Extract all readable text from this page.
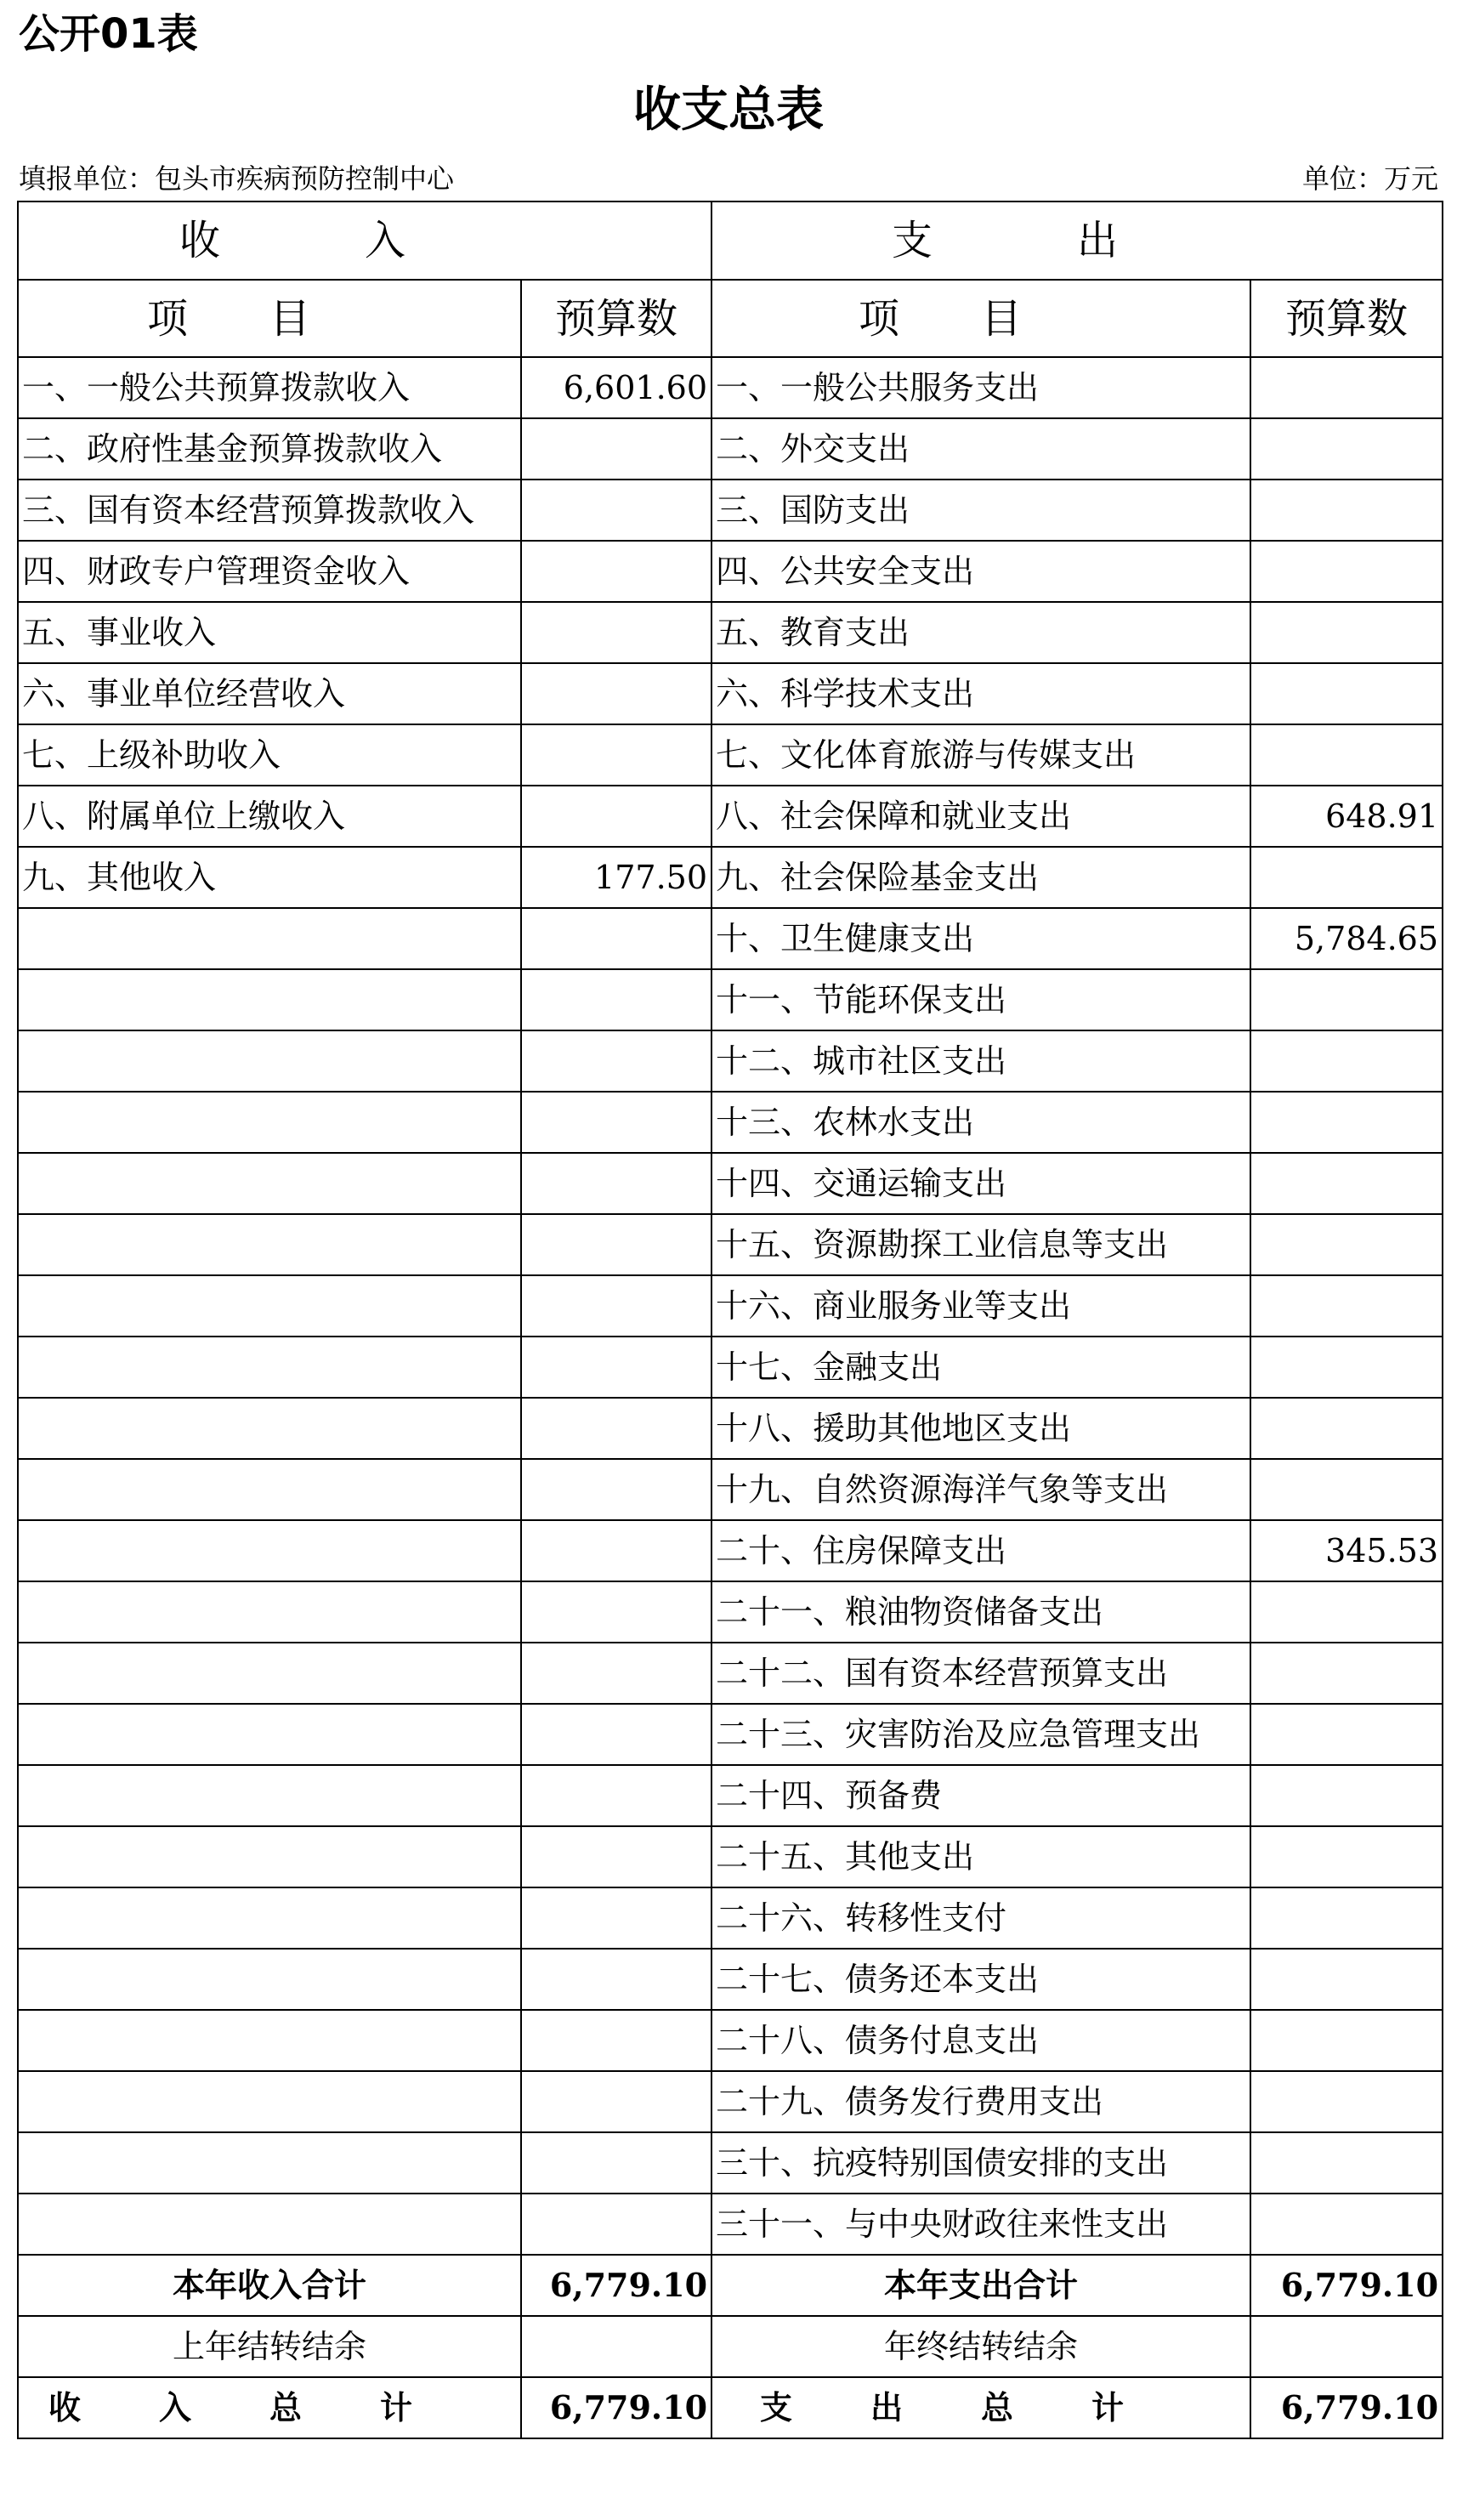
公开01表
收支总表
填报单位：包头市疾病预防控制中心	单位：万元
收入		支出	
项目	预算数	项目	预算数
一、一般公共预算拨款收入	6,601.60	一、一般公共服务支出	
二、政府性基金预算拨款收入		二、外交支出	
三、国有资本经营预算拨款收入		三、国防支出	
四、财政专户管理资金收入		四、公共安全支出	
五、事业收入		五、教育支出	
六、事业单位经营收入		六、科学技术支出	
七、上级补助收入		七、文化体育旅游与传媒支出	
八、附属单位上缴收入		八、社会保障和就业支出	648.91
九、其他收入	177.50	九、社会保险基金支出	
		十、卫生健康支出	5,784.65
		十一、节能环保支出	
		十二、城市社区支出	
		十三、农林水支出	
		十四、交通运输支出	
		十五、资源勘探工业信息等支出	
		十六、商业服务业等支出	
		十七、金融支出	
		十八、援助其他地区支出	
		十九、自然资源海洋气象等支出	
		二十、住房保障支出	345.53
		二十一、粮油物资储备支出	
		二十二、国有资本经营预算支出	
		二十三、灾害防治及应急管理支出	
		二十四、预备费	
		二十五、其他支出	
		二十六、转移性支付	
		二十七、债务还本支出	
		二十八、债务付息支出	
		二十九、债务发行费用支出	
		三十、抗疫特别国债安排的支出	
		三十一、与中央财政往来性支出	
本年收入合计	6,779.10	本年支出合计	6,779.10
上年结转结余		年终结转结余	
收入总计	6,779.10	支出总计	6,779.10
